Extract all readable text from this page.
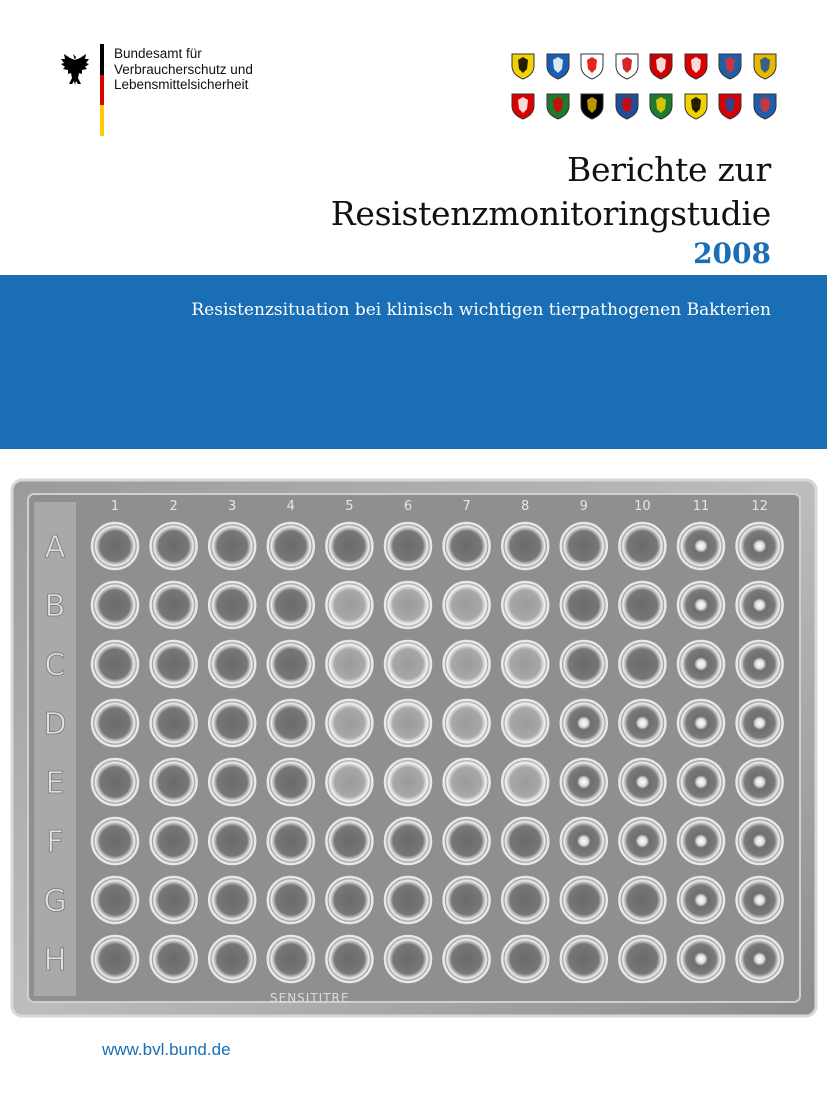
Bundesamt für
Verbraucherschutz und
Lebensmittelsicherheit
Berichte zur
Resistenzmonitoringstudie
2008
Resistenzsituation bei klinisch wichtigen tierpathogenen Bakterien
1	2	3	4	5	6	7	8	9	10	11	12
A
B
C
D
E
F
G
H
SENSITITRE
www.bvl.bund.de
